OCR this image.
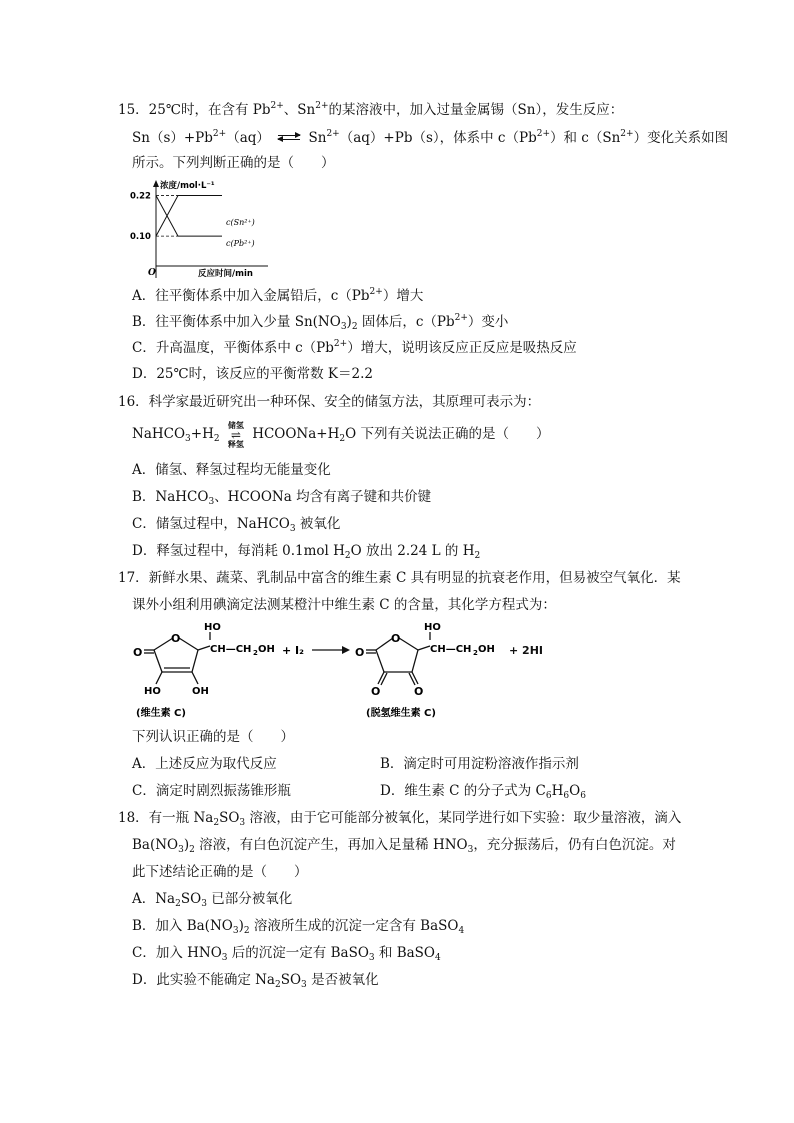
15．25℃时，在含有 $Pb^{2+}$、$Sn^{2+}$的某溶液中，加入过量金属锡（Sn），发生反应：
$Sn(s)+Pb^{2+}(aq)$ ⇌ $Sn^{2+}(aq)+Pb(s)$，体系中 $c(Pb^{2+})$和 $c(Sn^{2+})$变化关系如图
所示。下列判断正确的是（　　）
浓度/mol·L⁻¹
反应时间/min
O
0.22
0.10
c(Sn²⁺)
c(Pb²⁺)
A．往平衡体系中加入金属铅后，$c(Pb^{2+})$增大
B．往平衡体系中加入少量 $Sn(NO_3)_2$ 固体后，$c(Pb^{2+})$变小
C．升高温度，平衡体系中 $c(Pb^{2+})$增大，说明该反应正反应是吸热反应
D．25℃时，该反应的平衡常数 K＝2.2
16．科学家最近研究出一种环保、安全的储氢方法，其原理可表示为：
$NaHCO_3+H_2$
储氢
⇌
释氢
$HCOONa+H_2O$ 下列有关说法正确的是（　　）
A．储氢、释氢过程均无能量变化
B．NaHCO$_3$、HCOONa 均含有离子键和共价键
C．储氢过程中，NaHCO$_3$ 被氧化
D．释氢过程中，每消耗 0.1mol $H_2O$ 放出 2.24 L 的 $H_2$
17．新鲜水果、蔬菜、乳制品中富含的维生素 C 具有明显的抗衰老作用，但易被空气氧化．某
课外小组利用碘滴定法测某橙汁中维生素 C 的含量，其化学方程式为：
O
O
HO	OH
HO
CH—CH 2 OH + I₂
O
O
O	O
HO
CH—CH 2 OH
(维生素 C)	(脱氢维生素 C)
+ 2HI
下列认识正确的是（　　）
A．上述反应为取代反应	B．滴定时可用淀粉溶液作指示剂
C．滴定时剧烈振荡锥形瓶	D．维生素 C 的分子式为 $C_6H_6O_6$
18．有一瓶 $Na_2SO_3$ 溶液，由于它可能部分被氧化，某同学进行如下实验：取少量溶液，滴入
$Ba(NO_3)_2$ 溶液，有白色沉淀产生，再加入足量稀 $HNO_3$，充分振荡后，仍有白色沉淀。对
此下述结论正确的是（　　）
A．$Na_2SO_3$ 已部分被氧化
B．加入 $Ba(NO_3)_2$ 溶液所生成的沉淀一定含有 BaSO$_4$
C．加入 $HNO_3$ 后的沉淀一定有 BaSO$_3$ 和 BaSO$_4$
D．此实验不能确定 $Na_2SO_3$ 是否被氧化
